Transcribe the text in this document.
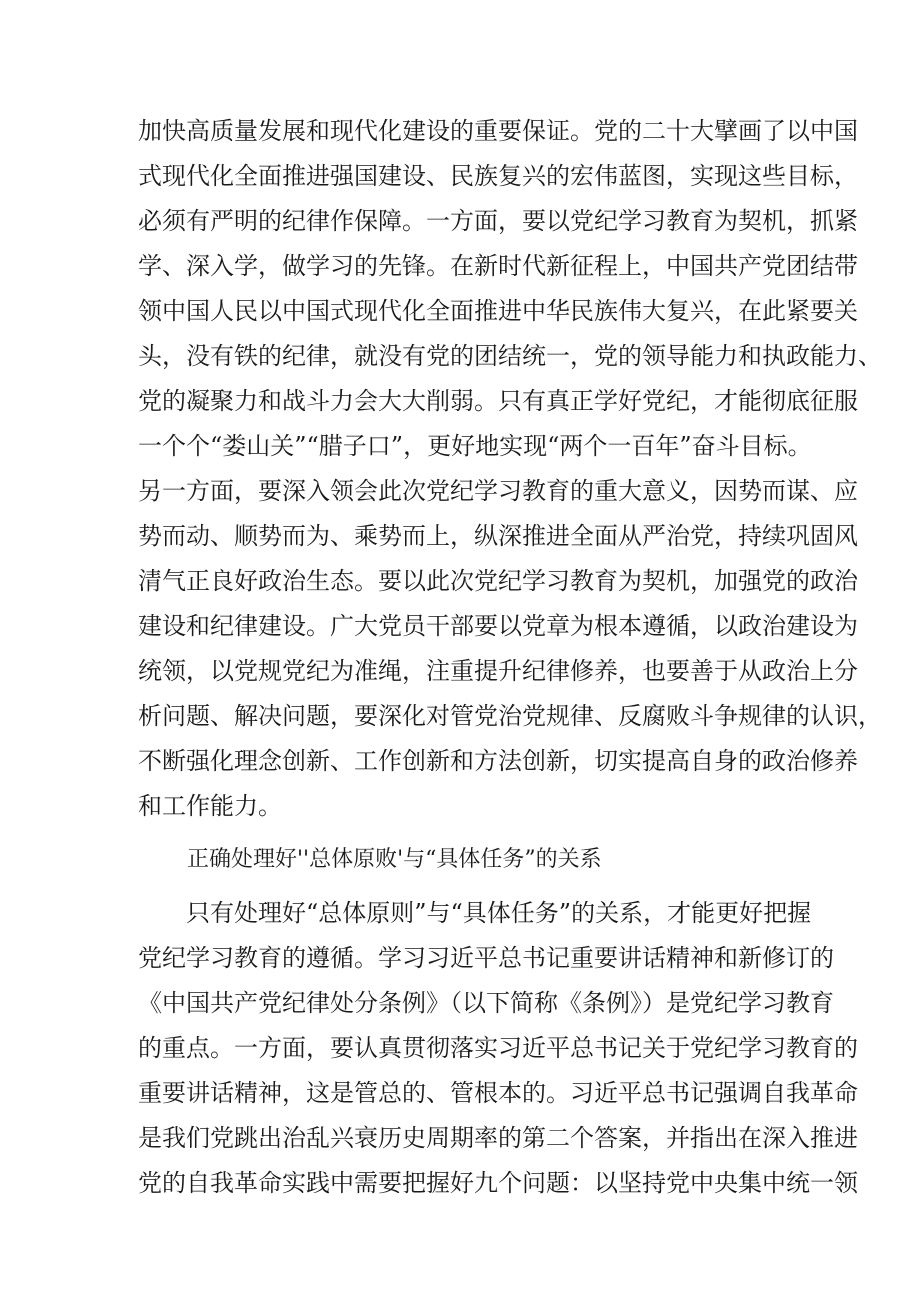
加快高质量发展和现代化建设的重要保证。党的二十大擘画了以中国
式现代化全面推进强国建设、民族复兴的宏伟蓝图，实现这些目标，
必须有严明的纪律作保障。一方面，要以党纪学习教育为契机，抓紧
学、深入学，做学习的先锋。在新时代新征程上，中国共产党团结带
领中国人民以中国式现代化全面推进中华民族伟大复兴，在此紧要关
头，没有铁的纪律，就没有党的团结统一，党的领导能力和执政能力、
党的凝聚力和战斗力会大大削弱。只有真正学好党纪，才能彻底征服
一个个“娄山关”“腊子口”，更好地实现“两个一百年”奋斗目标。
另一方面，要深入领会此次党纪学习教育的重大意义，因势而谋、应
势而动、顺势而为、乘势而上，纵深推进全面从严治党，持续巩固风
清气正良好政治生态。要以此次党纪学习教育为契机，加强党的政治
建设和纪律建设。广大党员干部要以党章为根本遵循，以政治建设为
统领，以党规党纪为准绳，注重提升纪律修养，也要善于从政治上分
析问题、解决问题，要深化对管党治党规律、反腐败斗争规律的认识，
不断强化理念创新、工作创新和方法创新，切实提高自身的政治修养
和工作能力。
正确处理好''总体原败'与“具体任务”的关系
只有处理好“总体原则”与“具体任务”的关系，才能更好把握
党纪学习教育的遵循。学习习近平总书记重要讲话精神和新修订的
《中国共产党纪律处分条例》（以下简称《条例》）是党纪学习教育
的重点。一方面，要认真贯彻落实习近平总书记关于党纪学习教育的
重要讲话精神，这是管总的、管根本的。习近平总书记强调自我革命
是我们党跳出治乱兴衰历史周期率的第二个答案，并指出在深入推进
党的自我革命实践中需要把握好九个问题：以坚持党中央集中统一领
